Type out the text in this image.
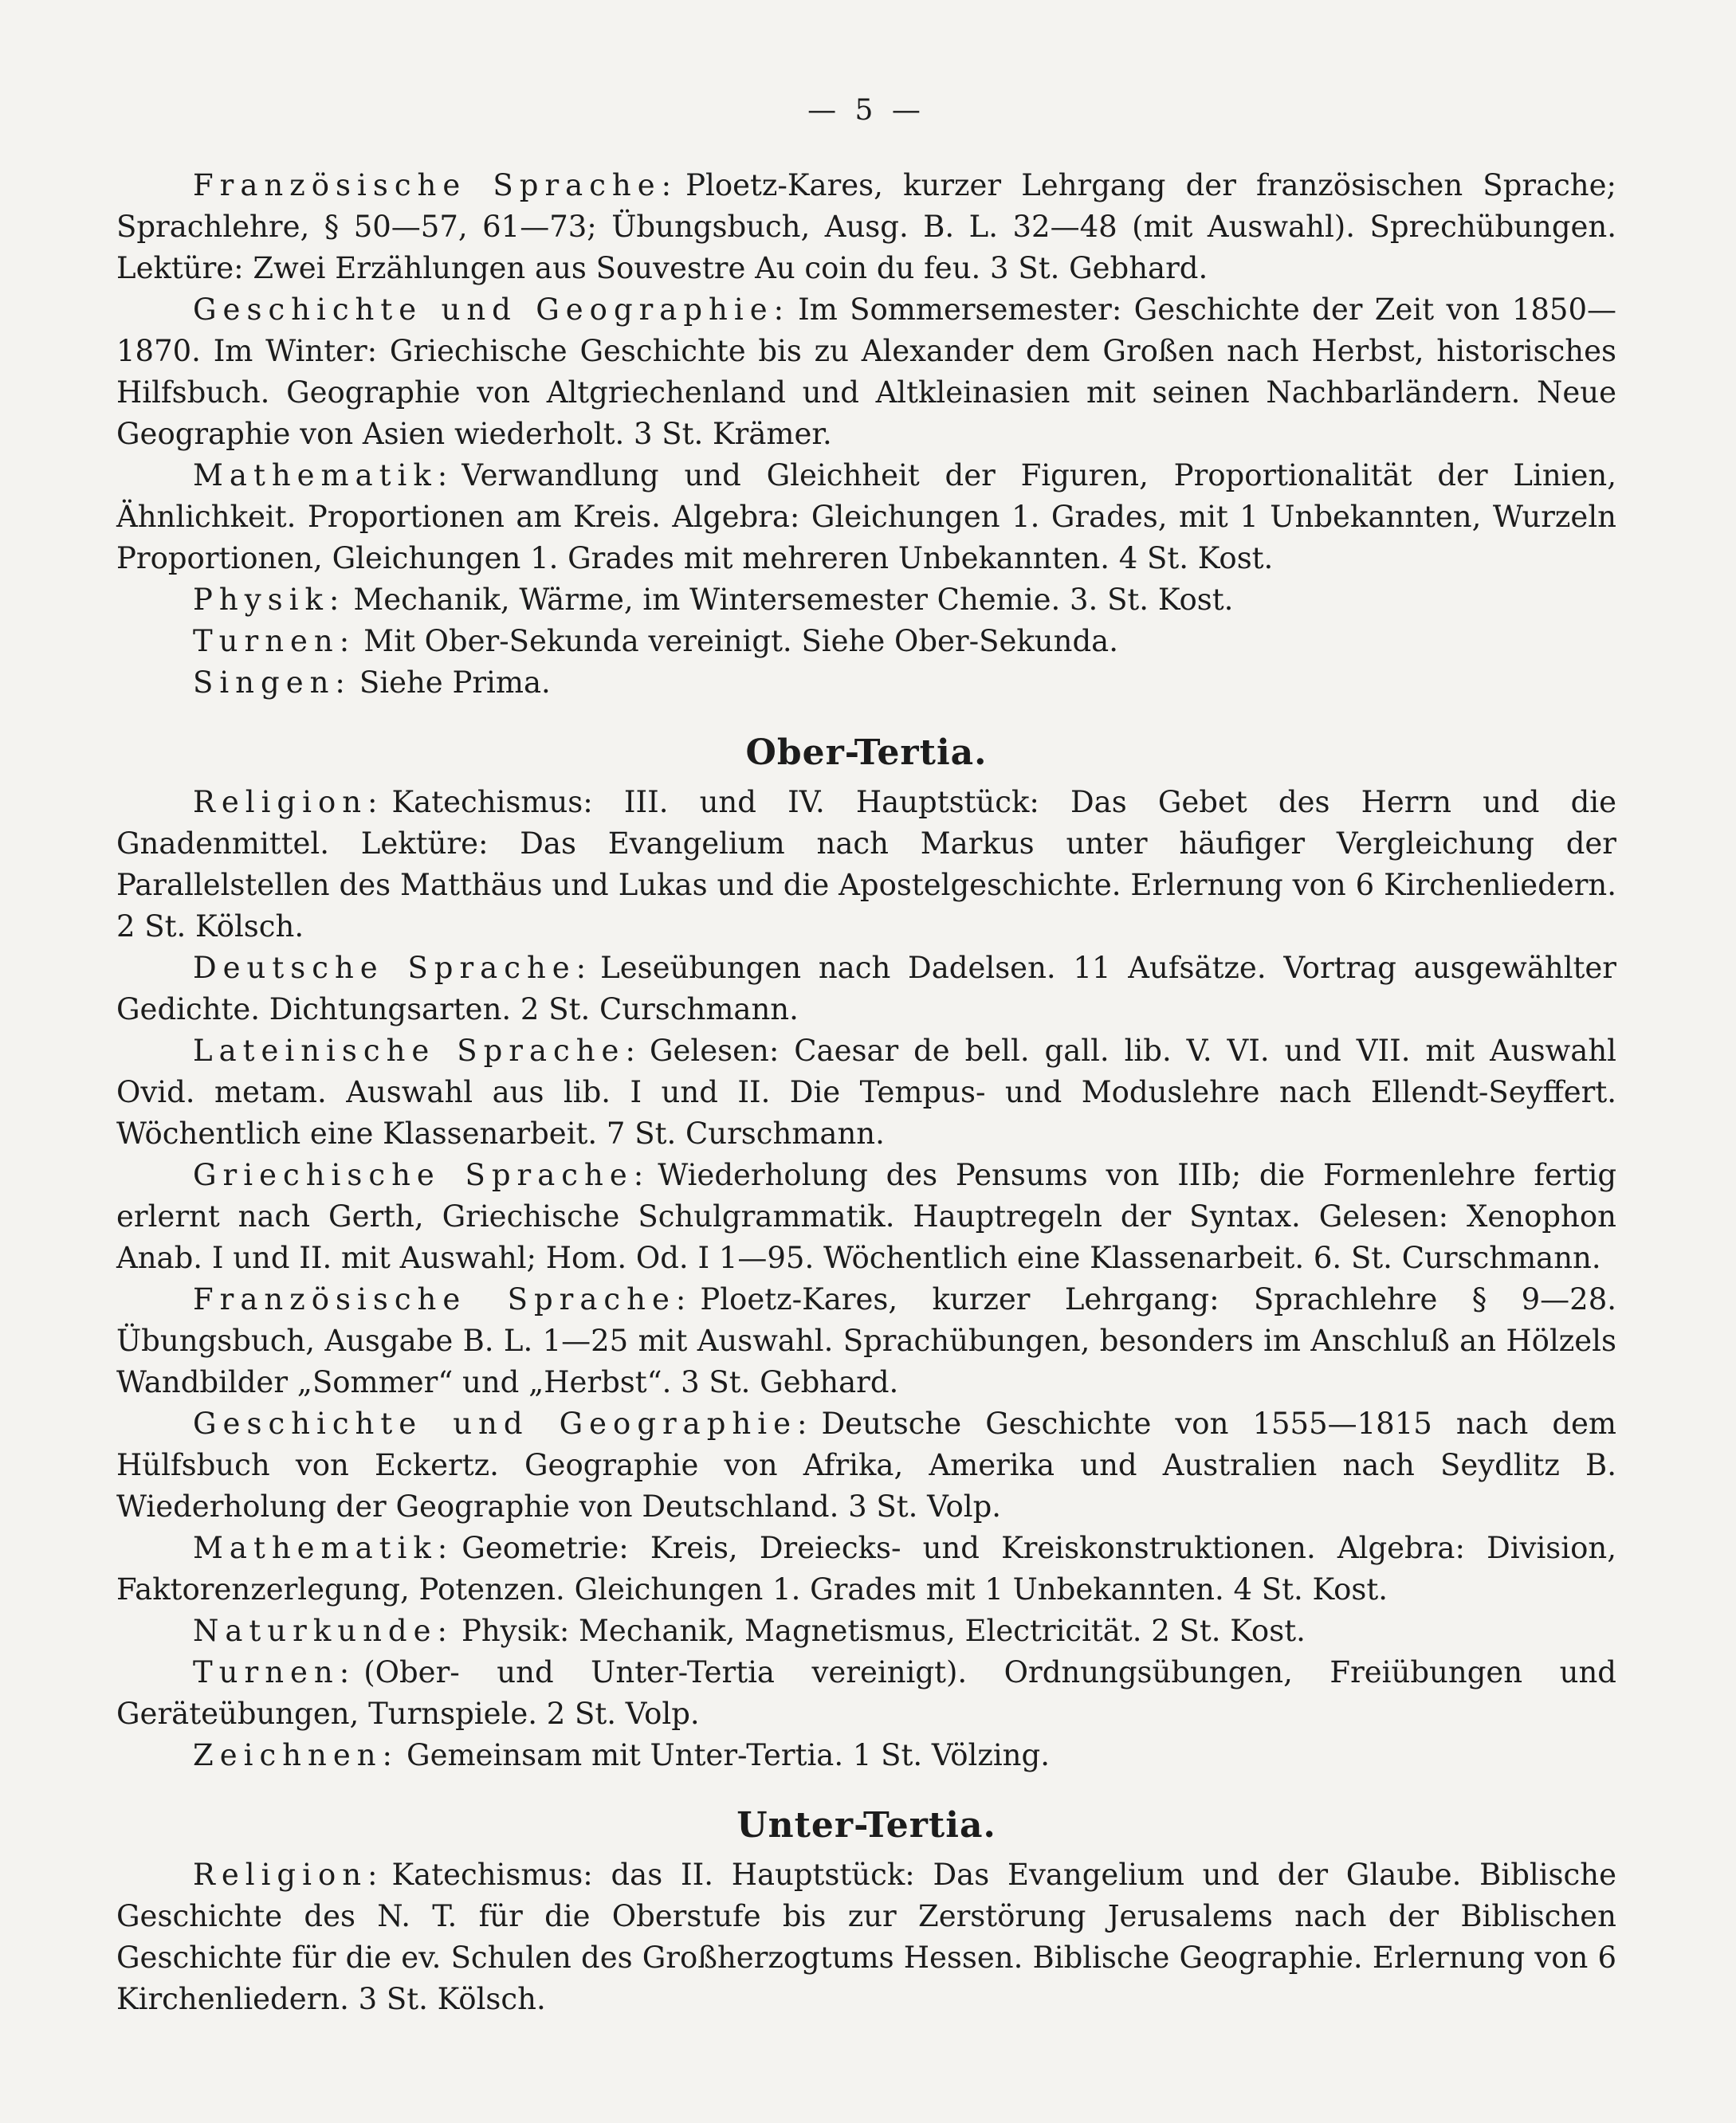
— 5 —

Französische Sprache: Ploetz-Kares, kurzer Lehrgang der französischen Sprache; Sprachlehre, § 50—57, 61—73; Übungsbuch, Ausg. B. L. 32—48 (mit Auswahl). Sprechübungen. Lektüre: Zwei Erzählungen aus Souvestre Au coin du feu. 3 St. Gebhard.

Geschichte und Geographie: Im Sommersemester: Geschichte der Zeit von 1850—1870. Im Winter: Griechische Geschichte bis zu Alexander dem Großen nach Herbst, historisches Hilfsbuch. Geographie von Altgriechenland und Altkleinasien mit seinen Nachbarländern. Neue Geographie von Asien wiederholt. 3 St. Krämer.

Mathematik: Verwandlung und Gleichheit der Figuren, Proportionalität der Linien, Ähnlichkeit. Proportionen am Kreis. Algebra: Gleichungen 1. Grades, mit 1 Unbekannten, Wurzeln Proportionen, Gleichungen 1. Grades mit mehreren Unbekannten. 4 St. Kost.

Physik: Mechanik, Wärme, im Wintersemester Chemie. 3. St. Kost.

Turnen: Mit Ober-Sekunda vereinigt. Siehe Ober-Sekunda.

Singen: Siehe Prima.

Ober-Tertia.

Religion: Katechismus: III. und IV. Hauptstück: Das Gebet des Herrn und die Gnadenmittel. Lektüre: Das Evangelium nach Markus unter häufiger Vergleichung der Parallelstellen des Matthäus und Lukas und die Apostelgeschichte. Erlernung von 6 Kirchenliedern. 2 St. Kölsch.

Deutsche Sprache: Leseübungen nach Dadelsen. 11 Aufsätze. Vortrag ausgewählter Gedichte. Dichtungsarten. 2 St. Curschmann.

Lateinische Sprache: Gelesen: Caesar de bell. gall. lib. V. VI. und VII. mit Auswahl Ovid. metam. Auswahl aus lib. I und II. Die Tempus- und Moduslehre nach Ellendt-Seyffert. Wöchentlich eine Klassenarbeit. 7 St. Curschmann.

Griechische Sprache: Wiederholung des Pensums von IIIb; die Formenlehre fertig erlernt nach Gerth, Griechische Schulgrammatik. Hauptregeln der Syntax. Gelesen: Xenophon Anab. I und II. mit Auswahl; Hom. Od. I 1—95. Wöchentlich eine Klassenarbeit. 6. St. Curschmann.

Französische Sprache: Ploetz-Kares, kurzer Lehrgang: Sprachlehre § 9—28. Übungsbuch, Ausgabe B. L. 1—25 mit Auswahl. Sprachübungen, besonders im Anschluß an Hölzels Wandbilder „Sommer“ und „Herbst“. 3 St. Gebhard.

Geschichte und Geographie: Deutsche Geschichte von 1555—1815 nach dem Hülfsbuch von Eckertz. Geographie von Afrika, Amerika und Australien nach Seydlitz B. Wiederholung der Geographie von Deutschland. 3 St. Volp.

Mathematik: Geometrie: Kreis, Dreiecks- und Kreiskonstruktionen. Algebra: Division, Faktorenzerlegung, Potenzen. Gleichungen 1. Grades mit 1 Unbekannten. 4 St. Kost.

Naturkunde: Physik: Mechanik, Magnetismus, Electricität. 2 St. Kost.

Turnen: (Ober- und Unter-Tertia vereinigt). Ordnungsübungen, Freiübungen und Geräteübungen, Turnspiele. 2 St. Volp.

Zeichnen: Gemeinsam mit Unter-Tertia. 1 St. Völzing.

Unter-Tertia.

Religion: Katechismus: das II. Hauptstück: Das Evangelium und der Glaube. Biblische Geschichte des N. T. für die Oberstufe bis zur Zerstörung Jerusalems nach der Biblischen Geschichte für die ev. Schulen des Großherzogtums Hessen. Biblische Geographie. Erlernung von 6 Kirchenliedern. 3 St. Kölsch.
